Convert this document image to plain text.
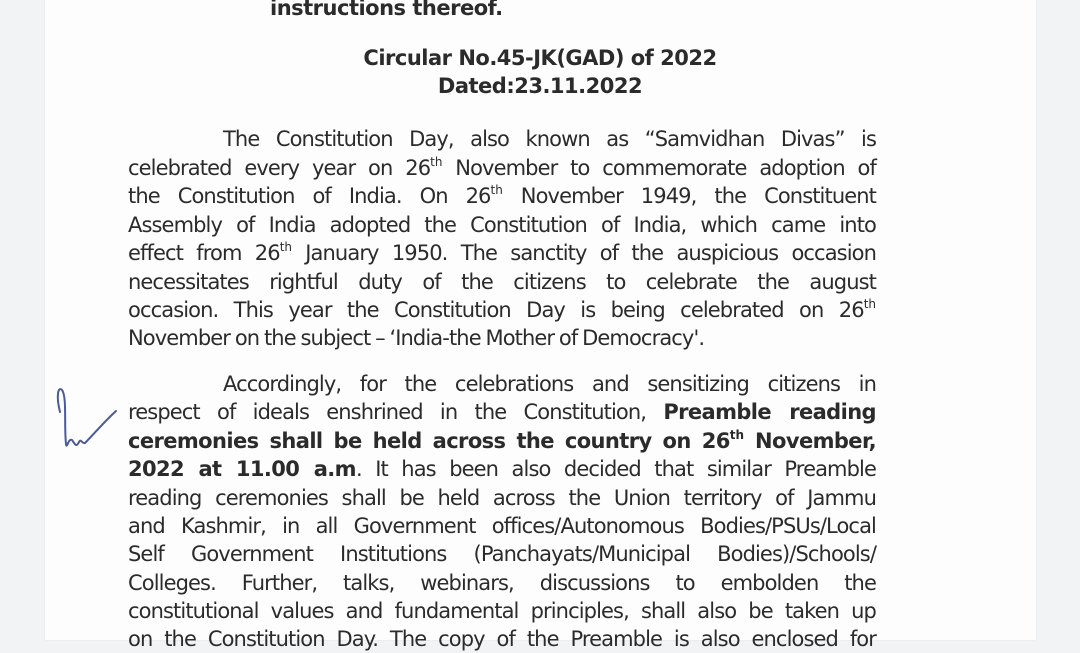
instructions thereof.
Circular No.45-JK(GAD) of 2022
Dated:23.11.2022
The Constitution Day, also known as “Samvidhan Divas” is
celebrated every year on 26th November to commemorate adoption of
the Constitution of India. On 26th November 1949, the Constituent
Assembly of India adopted the Constitution of India, which came into
effect from 26th January 1950. The sanctity of the auspicious occasion
necessitates rightful duty of the citizens to celebrate the august
occasion. This year the Constitution Day is being celebrated on 26th
November on the subject – ‘India-the Mother of Democracy'.
Accordingly, for the celebrations and sensitizing citizens in
respect of ideals enshrined in the Constitution, Preamble reading
ceremonies shall be held across the country on 26th November,
2022 at 11.00 a.m. It has been also decided that similar Preamble
reading ceremonies shall be held across the Union territory of Jammu
and Kashmir, in all Government offices/Autonomous Bodies/PSUs/Local
Self Government Institutions (Panchayats/Municipal Bodies)/Schools/
Colleges. Further, talks, webinars, discussions to embolden the
constitutional values and fundamental principles, shall also be taken up
on the Constitution Day. The copy of the Preamble is also enclosed for
